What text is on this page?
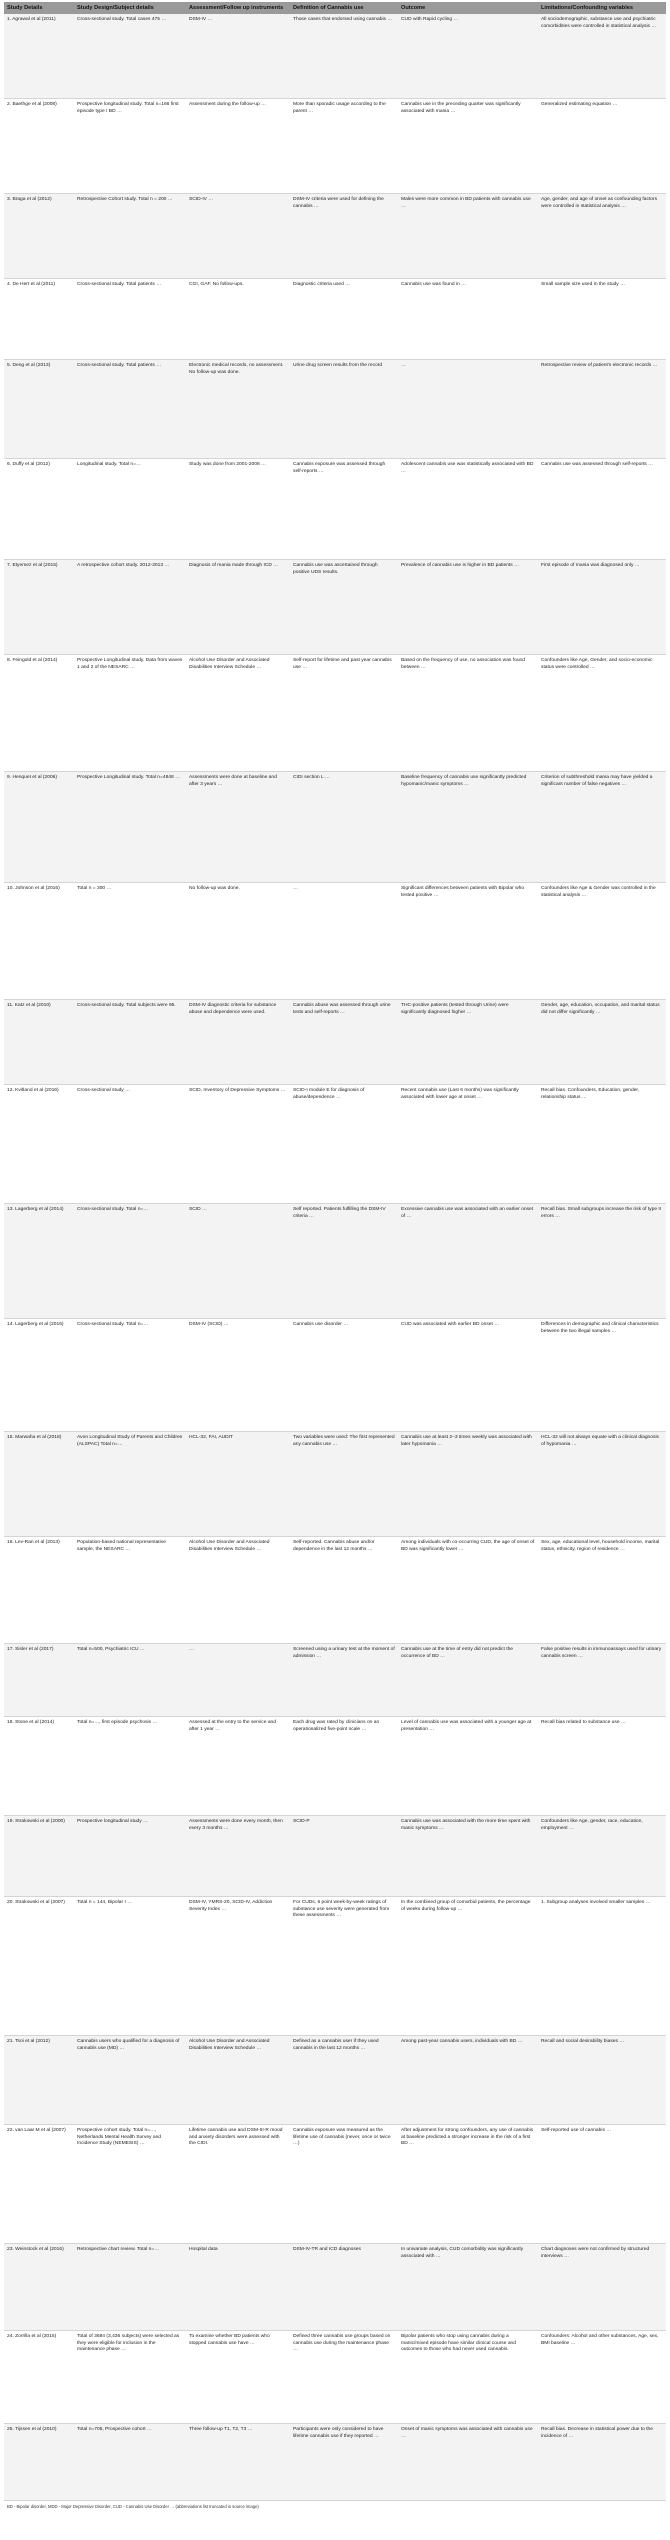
Study Details	Study Design/Subject details	Assessment/Follow up instruments	Definition of Cannabis use	Outcome	Limitations/Confounding variables
1. Agrawal et al (2011)	Cross-sectional study. Total cases 475 …	DSM-IV …	Those cases that endorsed using cannabis …	CUD with Rapid cycling …	All sociodemographic, substance use and psychiatric comorbidities were controlled in statistical analysis …
2. Baethge et al (2008)	Prospective longitudinal study. Total n=166 first episode type I BD …	Assessment during the follow-up …	More than sporadic usage according to the parent …	Cannabis use in the preceding quarter was significantly associated with mania …	Generalized estimating equation …
3. Braga et al (2012)	Retrospective Cohort study. Total n = 200 …	SCID-IV …	DSM-IV criteria were used for defining the cannabis …	Males were more common in BD patients with cannabis use …	Age, gender, and age of onset as confounding factors were controlled in statistical analysis …
4. De Hert et al (2011)	Cross-sectional study. Total patients …	CGI, GAF. No follow-ups.	Diagnostic criteria used …	Cannabis use was found in …	Small sample size used in the study …
5. Deng et al (2013)	Cross-sectional study. Total patients …	Electronic medical records, no assessment. No follow-up was done.	Urine drug screen results from the record	…	Retrospective review of patient's electronic records …
6. Duffy et al (2012)	Longitudinal study. Total n=…	Study was done from 2001-2008 …	Cannabis exposure was assessed through self-reports …	Adolescent cannabis use was statistically associated with BD …	Cannabis use was assessed through self-reports …
7. Etyemez et al (2015)	A retrospective cohort study. 2012-2013 …	Diagnosis of mania made through ICD …	Cannabis use was ascertained through positive UDS results.	Prevalence of cannabis use is higher in BD patients …	First episode of mania was diagnosed only …
8. Feingold et al (2014)	Prospective Longitudinal study. Data from waves 1 and 2 of the NESARC …	Alcohol Use Disorder and Associated Disabilities Interview Schedule …	Self-report for lifetime and past year cannabis use …	Based on the frequency of use, no association was found between …	Confounders like Age, Gender, and socio-economic status were controlled …
9. Henquet et al (2006)	Prospective Longitudinal study. Total n=4848 …	Assessments were done at baseline and after 3 years …	CIDI section L …	Baseline frequency of cannabis use significantly predicted hypomanic/manic symptoms …	Criterion of subthreshold mania may have yielded a significant number of false negatives …
10. Johnson et al (2016)	Total n = 300 …	No follow-up was done.	…	Significant differences between patients with Bipolar who tested positive …	Confounders like Age & Gender was controlled in the statistical analysis …
11. Katz et al (2010)	Cross-sectional study. Total subjects were 95.	DSM-IV diagnostic criteria for substance abuse and dependence were used.	Cannabis abuse was assessed through urine tests and self-reports …	THC-positive patients (tested through Urine) were significantly diagnosed higher …	Gender, age, education, occupation, and marital status did not differ significantly …
12. Kvitland et al (2016)	Cross-sectional study …	SCID, Inventory of Depressive Symptoms …	SCID-I module E for diagnosis of abuse/dependence …	Recent cannabis use (Last 6 months) was significantly associated with lower age at onset …	Recall bias. Confounders, Education, gender, relationship status …
13. Lagerberg et al (2014)	Cross-sectional study. Total n=…	SCID …	Self reported. Patients fulfilling the DSM-IV criteria …	Excessive cannabis use was associated with an earlier onset of …	Recall bias. Small subgroups increase the risk of type II errors …
14. Lagerberg et al (2016)	Cross-sectional study. Total n=…	DSM-IV (SCID) …	Cannabis use disorder …	CUD was associated with earlier BD onset …	Differences in demographic and clinical characteristics between the two illegal samples …
15. Marwaha et al (2018)	Avon Longitudinal Study of Parents and Children (ALSPAC) Total n=…	HCL-32, FAI, AUDIT	Two variables were used: The first represented any cannabis use …	Cannabis use at least 2–3 times weekly was associated with later hypomania …	HCL-32 will not always equate with a clinical diagnosis of hypomania …
16. Lev-Ran et al (2013)	Population-based national representative sample, the NESARC …	Alcohol Use Disorder and Associated Disabilities Interview Schedule …	Self-reported. Cannabis abuse and/or dependence in the last 12 months …	Among individuals with co-occurring CUD, the age of onset of BD was significantly lower …	Sex, age, educational level, household income, marital status, ethnicity, region of residence …
17. Sisler et al (2017)	Total n=500, Psychiatric ICU …	…	Screened using a urinary test at the moment of admission …	Cannabis use at the time of entry did not predict the occurrence of BD …	False positive results in immunoassays used for urinary cannabis screen …
18. Stone et al (2014)	Total n=…, first episode psychosis …	Assessed at the entry to the service and after 1 year …	Each drug was rated by clinicians on an operationalized five-point scale …	Level of cannabis use was associated with a younger age at presentation …	Recall bias related to substance use …
19. Strakowski et al (2000)	Prospective longitudinal study …	Assessments were done every month, then every 3 months …	SCID-P	Cannabis use was associated with the more time spent with manic symptoms …	Confounders like Age, gender, race, education, employment …
20. Strakowski et al (2007)	Total n = 144, Bipolar I …	DSM-IV, YMRS-20, SCID-IV, Addiction Severity Index …	For CUDs, 6 point week-by-week ratings of substance use severity were generated from these assessments …	In the combined group of comorbid patients, the percentage of weeks during follow-up …	1. Subgroup analyses involved smaller samples …
21. Tsoi et al (2012)	Cannabis users who qualified for a diagnosis of cannabis use (MD) …	Alcohol Use Disorder and Associated Disabilities Interview Schedule …	Defined as a cannabis user if they used cannabis in the last 12 months …	Among past-year cannabis users, individuals with BD …	Recall and social desirability biases …
22. van Laar M et al (2007)	Prospective cohort study. Total n=…, Netherlands Mental Health Survey and Incidence Study (NEMESIS) …	Lifetime cannabis use and DSM-III-R mood and anxiety disorders were assessed with the CIDI.	Cannabis exposure was measured as the lifetime use of cannabis (never, once or twice …)	After adjustment for strong confounders, any use of cannabis at baseline predicted a stronger increase in the risk of a first BD …	Self-reported use of cannabis …
23. Weinstock et al (2016)	Retrospective chart review. Total n=…	Hospital data	DSM-IV-TR and ICD diagnoses	In univariate analysis, CUD comorbidity was significantly associated with …	Chart diagnoses were not confirmed by structured interviews …
24. Zorrilla et al (2015)	Total of 3684 (3,436 subjects) were selected as they were eligible for inclusion in the maintenance phase …	To examine whether BD patients who stopped cannabis use have …	Defined three cannabis use groups based on cannabis use during the maintenance phase …	Bipolar patients who stop using cannabis during a manic/mixed episode have similar clinical course and outcomes to those who had never used cannabis.	Confounders: Alcohol and other substances, Age, sex, BMI baseline …
25. Tijssen et al (2010)	Total n=705, Prospective cohort …	Three follow-up T1, T2, T3 …	Participants were only considered to have lifetime cannabis use if they reported …	Onset of manic symptoms was associated with cannabis use …	Recall bias. Decrease in statistical power due to the incidence of …
BD - Bipolar disorder, MDD - Major Depressive Disorder, CUD - Cannabis Use Disorder … (abbreviations list truncated in source image)
